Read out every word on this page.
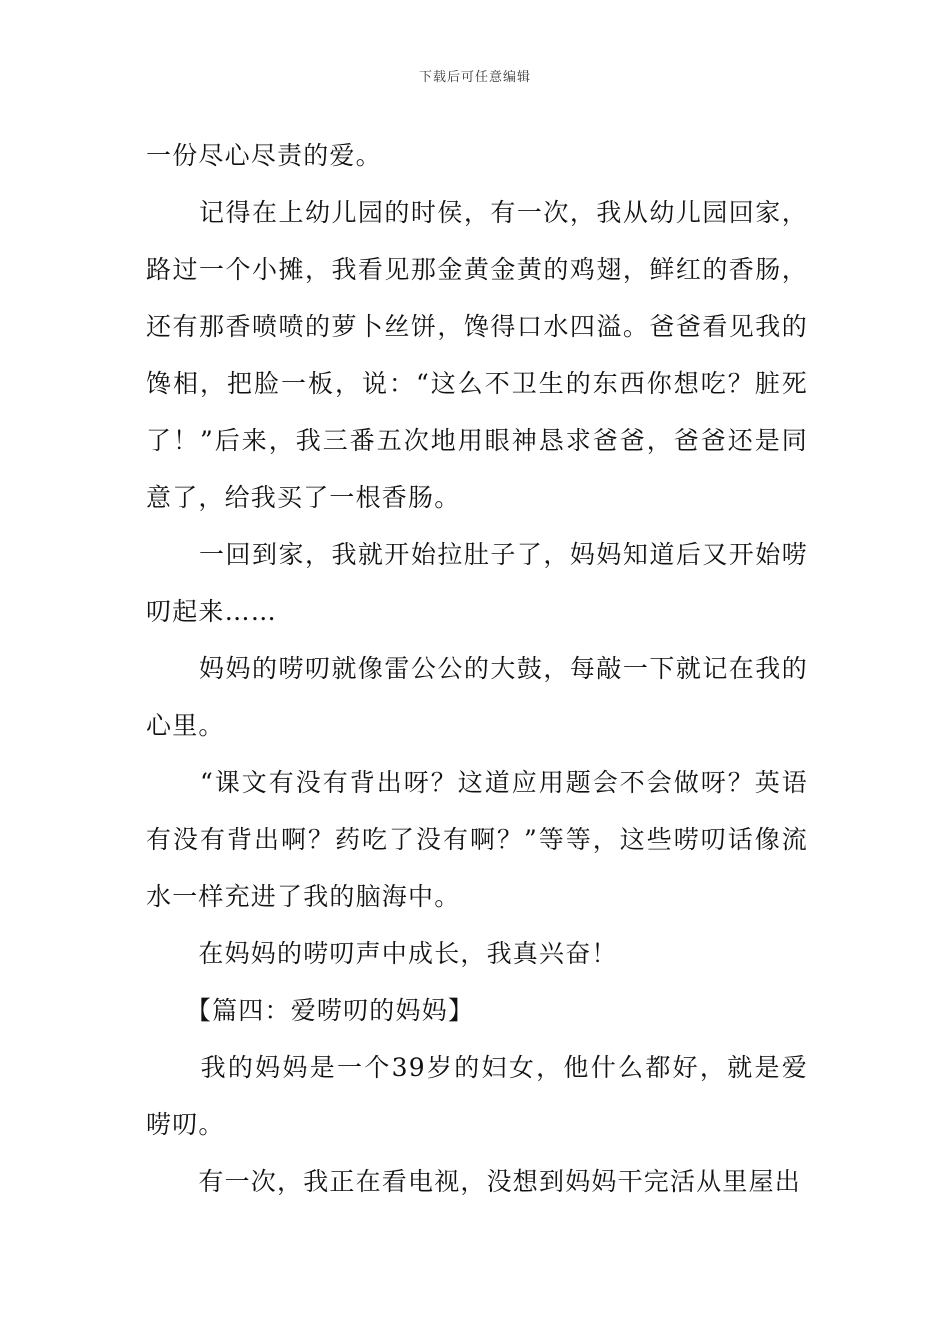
下载后可任意编辑

一份尽心尽责的爱。

　　记得在上幼儿园的时侯，有一次，我从幼儿园回家，路过一个小摊，我看见那金黄金黄的鸡翅，鲜红的香肠，还有那香喷喷的萝卜丝饼，馋得口水四溢。爸爸看见我的馋相，把脸一板，说：“这么不卫生的东西你想吃？脏死了！”后来，我三番五次地用眼神恳求爸爸，爸爸还是同意了，给我买了一根香肠。

　　一回到家，我就开始拉肚子了，妈妈知道后又开始唠叨起来……

　　妈妈的唠叨就像雷公公的大鼓，每敲一下就记在我的心里。

　　“课文有没有背出呀？这道应用题会不会做呀？英语有没有背出啊？药吃了没有啊？”等等，这些唠叨话像流水一样充进了我的脑海中。

　　在妈妈的唠叨声中成长，我真兴奋！

　　【篇四：爱唠叨的妈妈】

　　我的妈妈是一个39岁的妇女，他什么都好，就是爱唠叨。

　　有一次，我正在看电视，没想到妈妈干完活从里屋出
